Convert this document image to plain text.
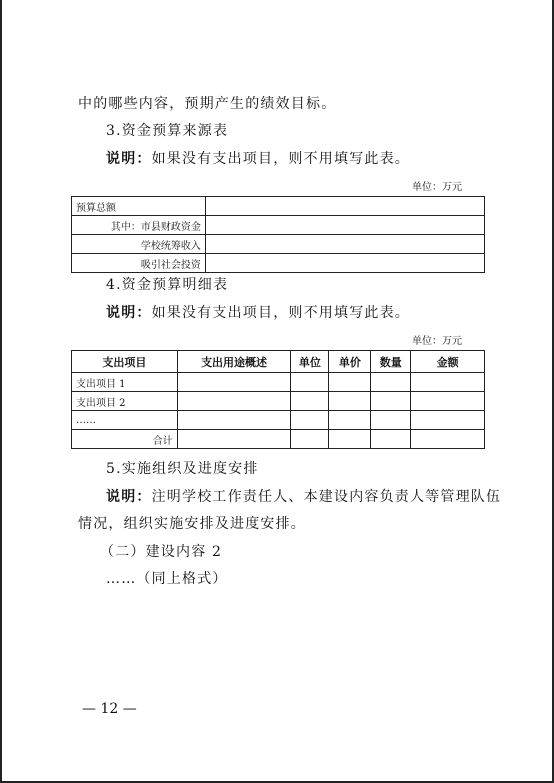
中的哪些内容，预期产生的绩效目标。
3.资金预算来源表
说明：如果没有支出项目，则不用填写此表。
单位：万元
预算总额	
其中：市县财政资金	
学校统筹收入	
吸引社会投资	
4.资金预算明细表
说明：如果没有支出项目，则不用填写此表。
单位：万元
支出项目	支出用途概述	单位	单价	数量	金额
支出项目 1					
支出项目 2					
……					
合计					
5.实施组织及进度安排
说明：注明学校工作责任人、本建设内容负责人等管理队伍
情况，组织实施安排及进度安排。
（二）建设内容 2
……（同上格式）
— 12 —
